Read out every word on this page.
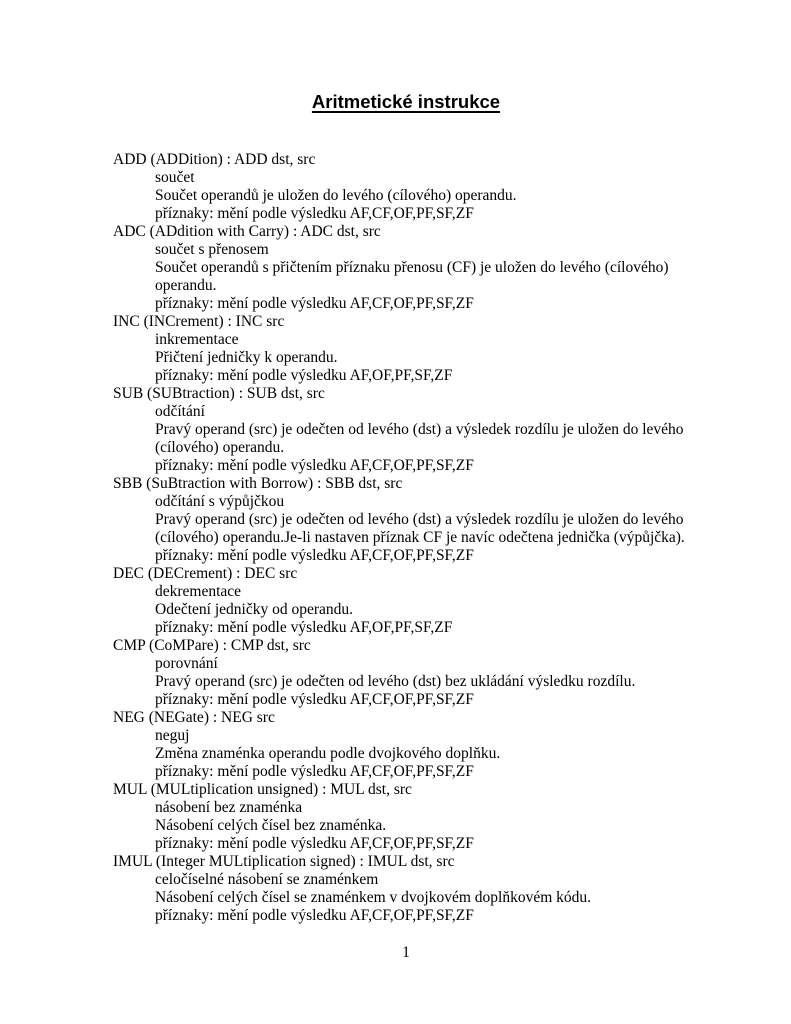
Aritmetické instrukce
ADD (ADDition) : ADD dst, src
součet
Součet operandů je uložen do levého (cílového) operandu.
příznaky: mění podle výsledku AF,CF,OF,PF,SF,ZF
ADC (ADdition with Carry) : ADC dst, src
součet s přenosem
Součet operandů s přičtením příznaku přenosu (CF) je uložen do levého (cílového)
operandu.
příznaky: mění podle výsledku AF,CF,OF,PF,SF,ZF
INC (INCrement) : INC src
inkrementace
Přičtení jedničky k operandu.
příznaky: mění podle výsledku AF,OF,PF,SF,ZF
SUB (SUBtraction) : SUB dst, src
odčítání
Pravý operand (src) je odečten od levého (dst) a výsledek rozdílu je uložen do levého
(cílového) operandu.
příznaky: mění podle výsledku AF,CF,OF,PF,SF,ZF
SBB (SuBtraction with Borrow) : SBB dst, src
odčítání s výpůjčkou
Pravý operand (src) je odečten od levého (dst) a výsledek rozdílu je uložen do levého
(cílového) operandu.Je-li nastaven příznak CF je navíc odečtena jednička (výpůjčka).
příznaky: mění podle výsledku AF,CF,OF,PF,SF,ZF
DEC (DECrement) : DEC src
dekrementace
Odečtení jedničky od operandu.
příznaky: mění podle výsledku AF,OF,PF,SF,ZF
CMP (CoMPare) : CMP dst, src
porovnání
Pravý operand (src) je odečten od levého (dst) bez ukládání výsledku rozdílu.
příznaky: mění podle výsledku AF,CF,OF,PF,SF,ZF
NEG (NEGate) : NEG src
neguj
Změna znaménka operandu podle dvojkového doplňku.
příznaky: mění podle výsledku AF,CF,OF,PF,SF,ZF
MUL (MULtiplication unsigned) : MUL dst, src
násobení bez znaménka
Násobení celých čísel bez znaménka.
příznaky: mění podle výsledku AF,CF,OF,PF,SF,ZF
IMUL (Integer MULtiplication signed) : IMUL dst, src
celočíselné násobení se znaménkem
Násobení celých čísel se znaménkem v dvojkovém doplňkovém kódu.
příznaky: mění podle výsledku AF,CF,OF,PF,SF,ZF
1
